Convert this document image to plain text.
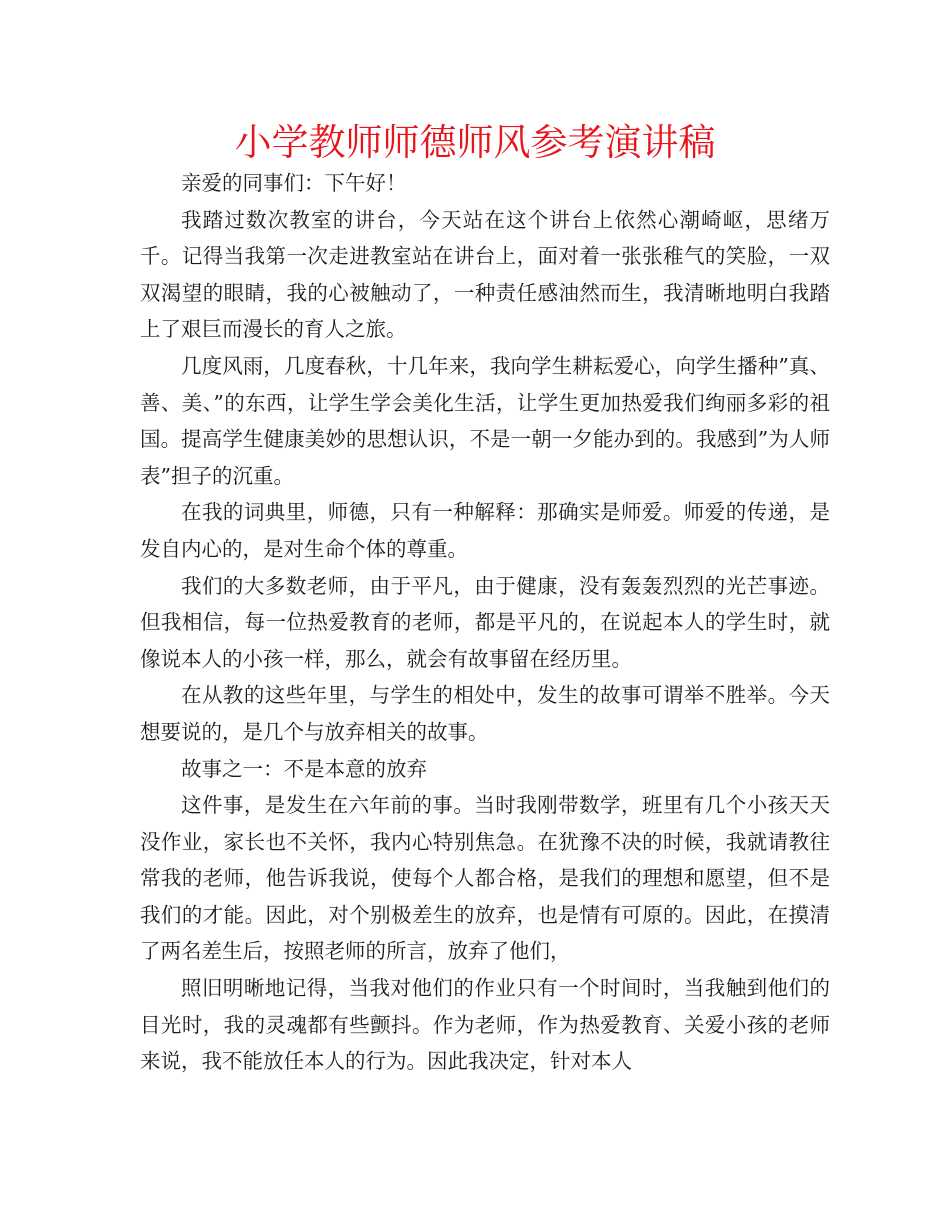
小学教师师德师风参考演讲稿

亲爱的同事们：下午好！

我踏过数次教室的讲台，今天站在这个讲台上依然心潮崎岖，思绪万千。记得当我第一次走进教室站在讲台上，面对着一张张稚气的笑脸，一双双渴望的眼睛，我的心被触动了，一种责任感油然而生，我清晰地明白我踏上了艰巨而漫长的育人之旅。

几度风雨，几度春秋，十几年来，我向学生耕耘爱心，向学生播种”真、善、美、”的东西，让学生学会美化生活，让学生更加热爱我们绚丽多彩的祖国。提高学生健康美妙的思想认识，不是一朝一夕能办到的。我感到”为人师表”担子的沉重。

在我的词典里，师德，只有一种解释：那确实是师爱。师爱的传递，是发自内心的，是对生命个体的尊重。

我们的大多数老师，由于平凡，由于健康，没有轰轰烈烈的光芒事迹。但我相信，每一位热爱教育的老师，都是平凡的，在说起本人的学生时，就像说本人的小孩一样，那么，就会有故事留在经历里。

在从教的这些年里，与学生的相处中，发生的故事可谓举不胜举。今天想要说的，是几个与放弃相关的故事。

故事之一：不是本意的放弃

这件事，是发生在六年前的事。当时我刚带数学，班里有几个小孩天天没作业，家长也不关怀，我内心特别焦急。在犹豫不决的时候，我就请教往常我的老师，他告诉我说，使每个人都合格，是我们的理想和愿望，但不是我们的才能。因此，对个别极差生的放弃，也是情有可原的。因此，在摸清了两名差生后，按照老师的所言，放弃了他们，

照旧明晰地记得，当我对他们的作业只有一个时间时，当我触到他们的目光时，我的灵魂都有些颤抖。作为老师，作为热爱教育、关爱小孩的老师来说，我不能放任本人的行为。因此我决定，针对本人
